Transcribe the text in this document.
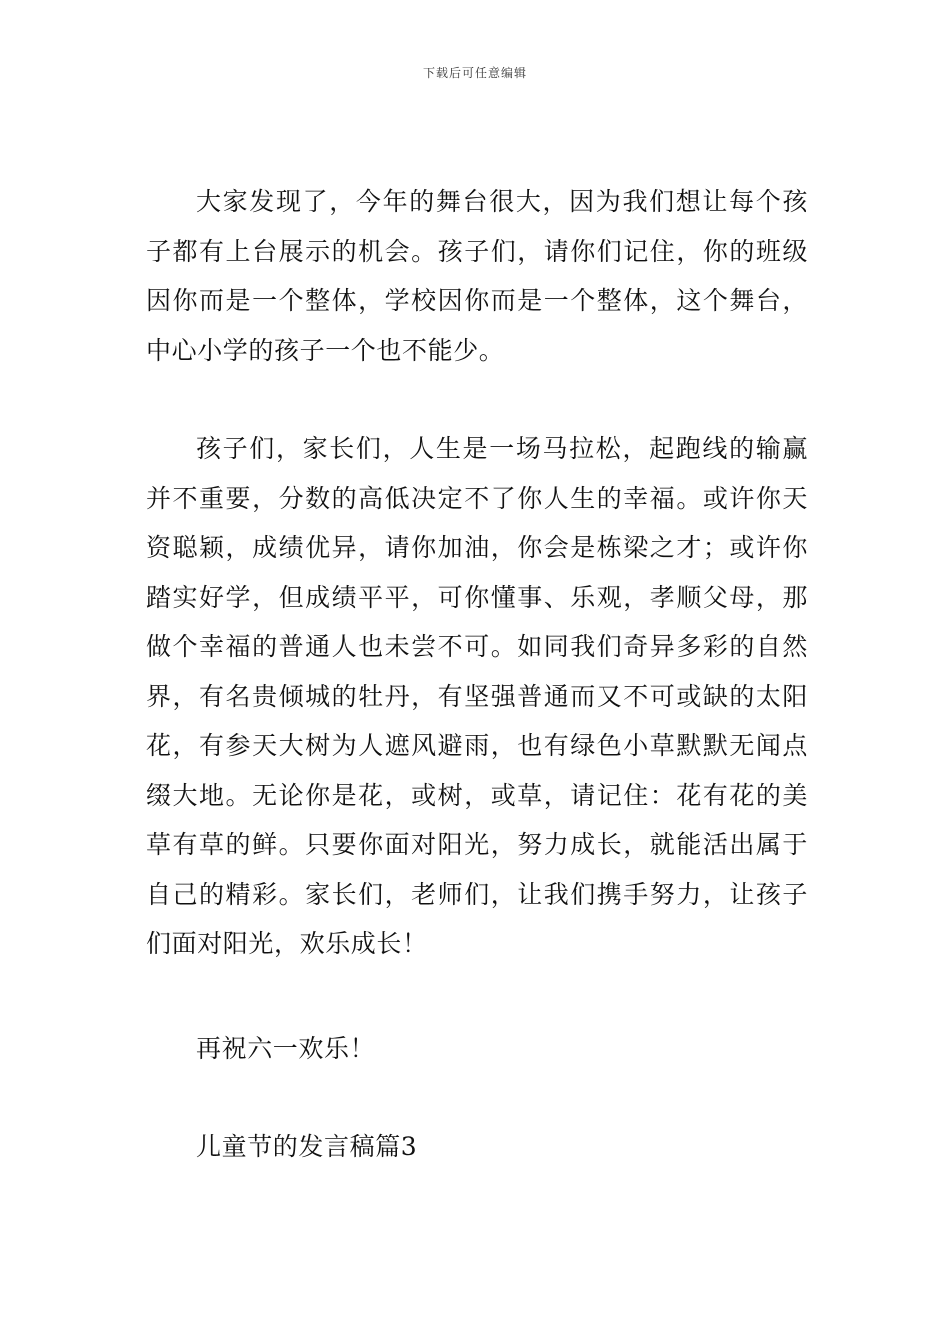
下载后可任意编辑

大家发现了，今年的舞台很大，因为我们想让每个孩子都有上台展示的机会。孩子们，请你们记住，你的班级因你而是一个整体，学校因你而是一个整体，这个舞台，中心小学的孩子一个也不能少。

孩子们，家长们，人生是一场马拉松，起跑线的输赢并不重要，分数的高低决定不了你人生的幸福。或许你天资聪颖，成绩优异，请你加油，你会是栋梁之才；或许你踏实好学，但成绩平平，可你懂事、乐观，孝顺父母，那做个幸福的普通人也未尝不可。如同我们奇异多彩的自然界，有名贵倾城的牡丹，有坚强普通而又不可或缺的太阳花，有参天大树为人遮风避雨，也有绿色小草默默无闻点缀大地。无论你是花，或树，或草，请记住：花有花的美草有草的鲜。只要你面对阳光，努力成长，就能活出属于自己的精彩。家长们，老师们，让我们携手努力，让孩子们面对阳光，欢乐成长！

再祝六一欢乐！

儿童节的发言稿篇3
